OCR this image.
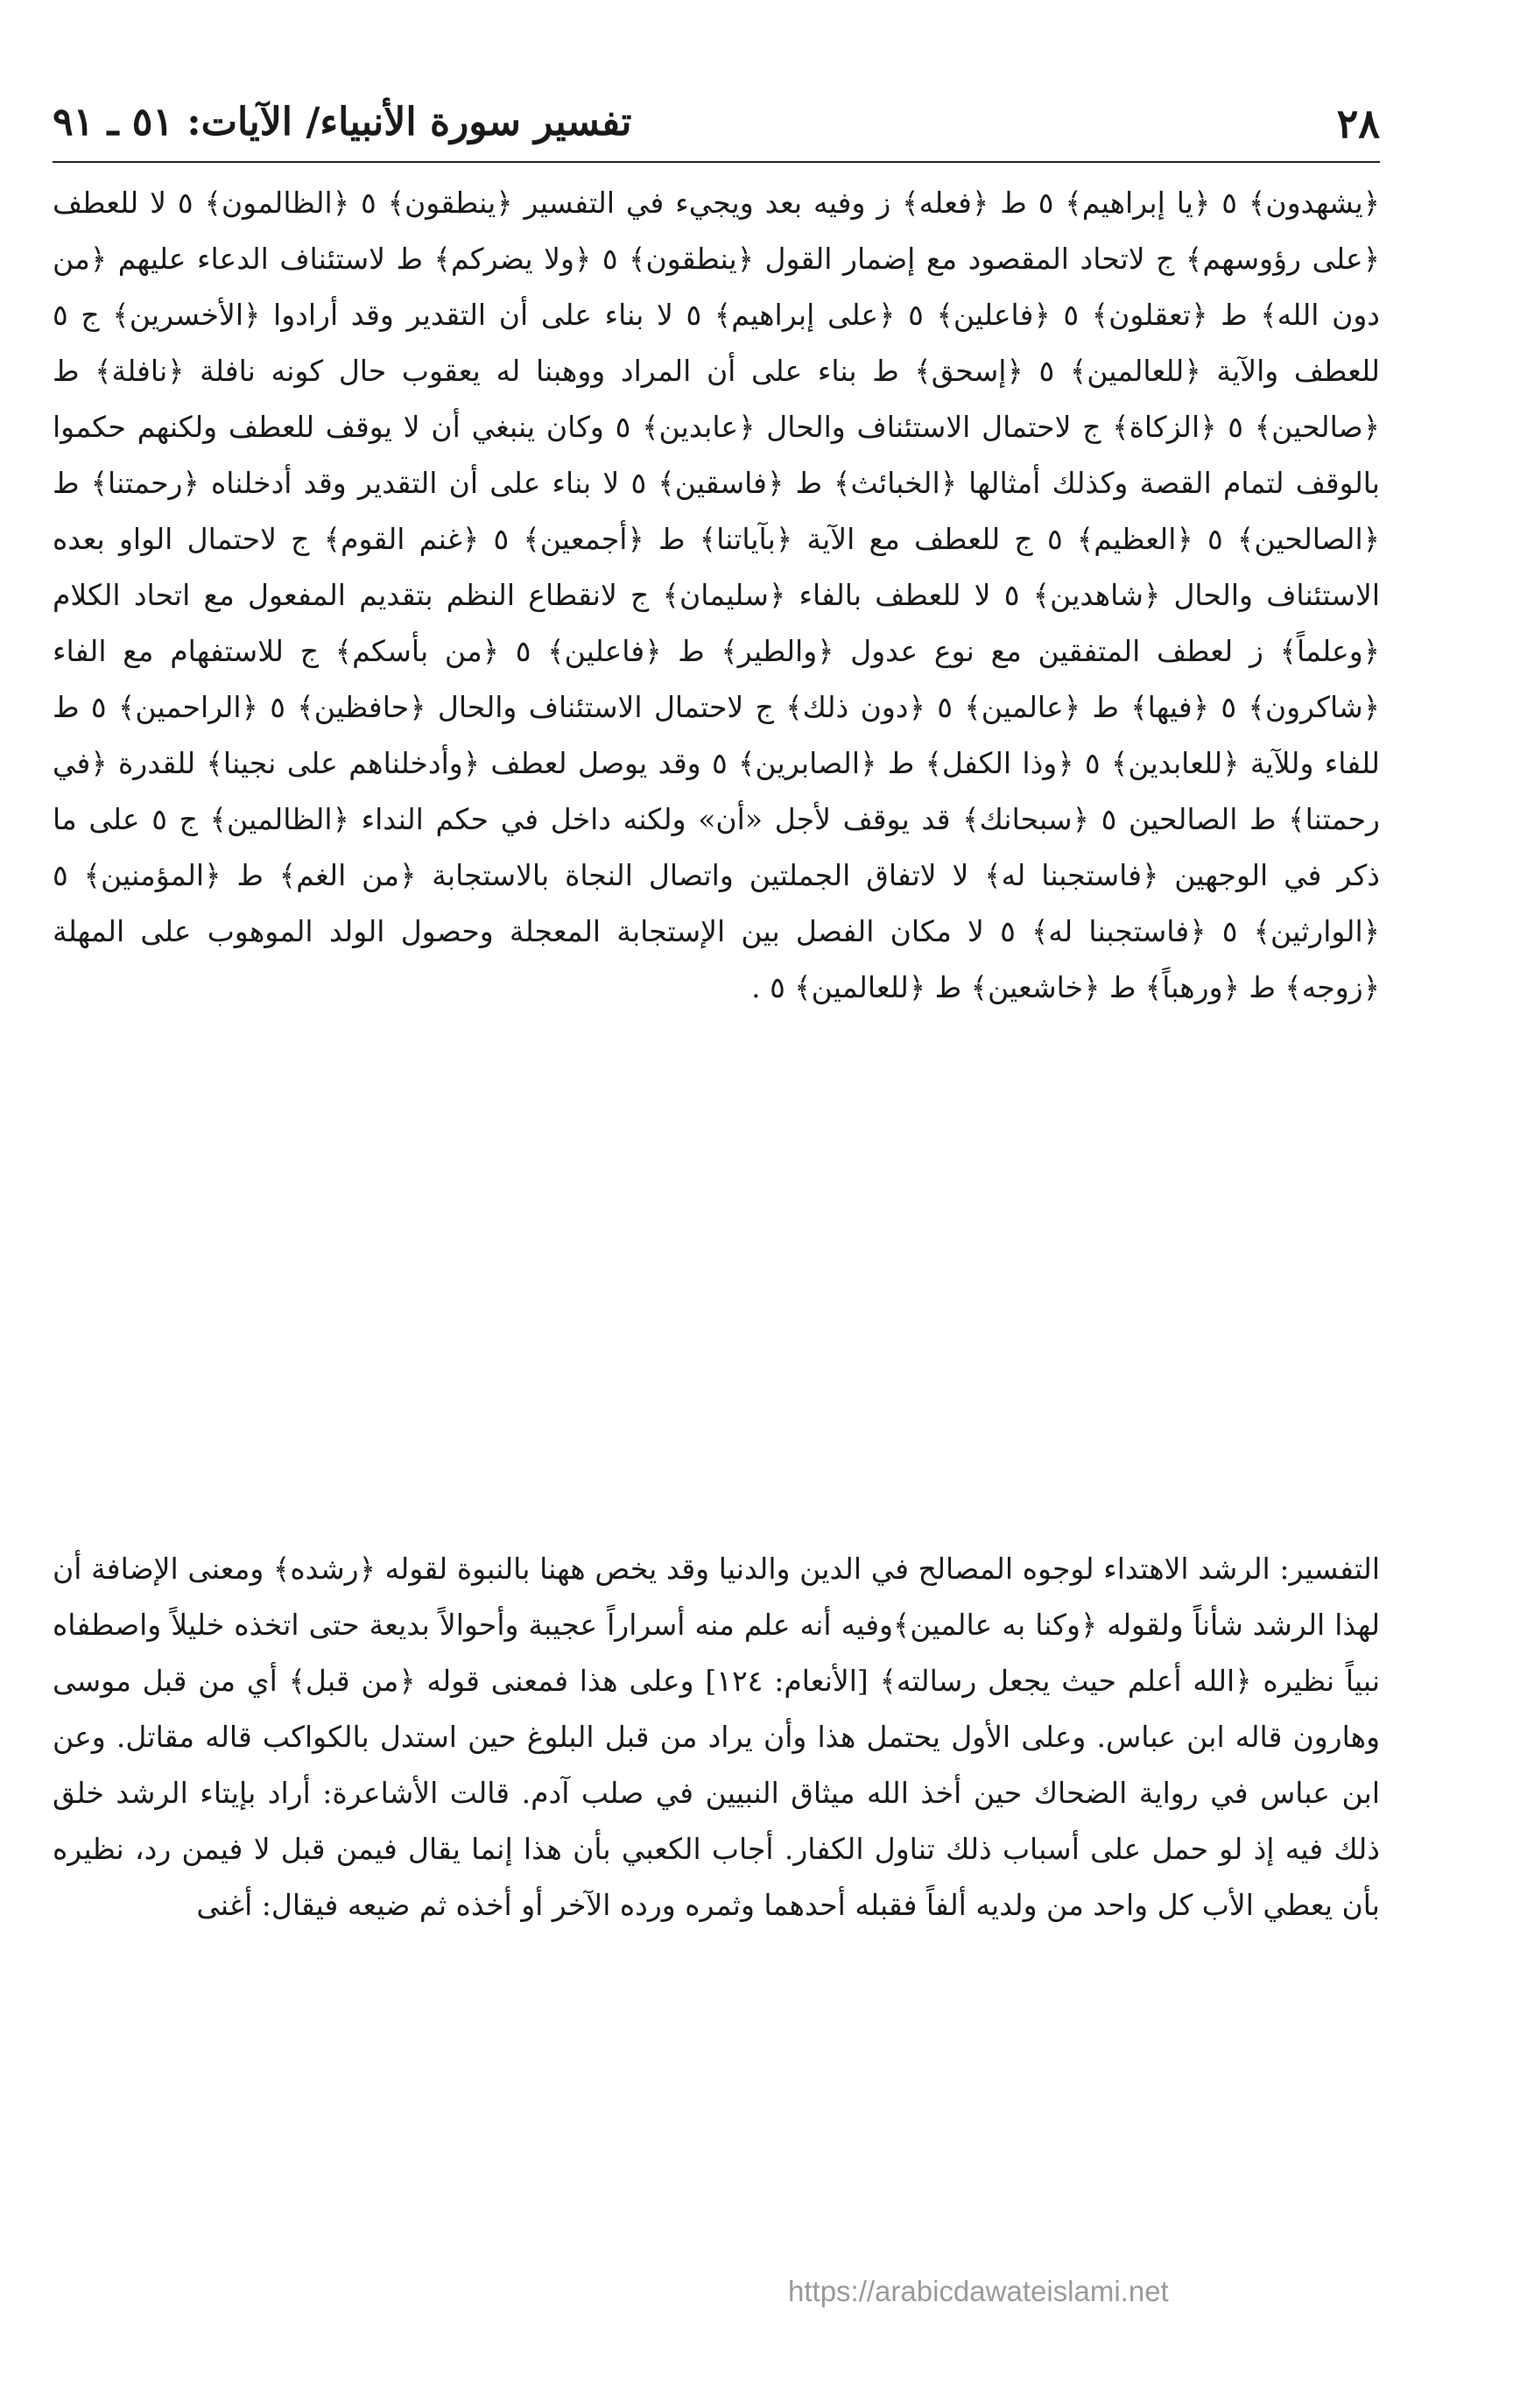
٢٨
تفسير سورة الأنبياء/ الآيات: ٥١ ـ ٩١

﴿يشهدون﴾ ٥ ﴿يا إبراهيم﴾ ٥ ط ﴿فعله﴾ ز وفيه بعد ويجيء في التفسير ﴿ينطقون﴾ ٥ ﴿الظالمون﴾ ٥ لا للعطف ﴿على رؤوسهم﴾ ج لاتحاد المقصود مع إضمار القول ﴿ينطقون﴾ ٥ ﴿ولا يضركم﴾ ط لاستئناف الدعاء عليهم ﴿من دون الله﴾ ط ﴿تعقلون﴾ ٥ ﴿فاعلين﴾ ٥ ﴿على إبراهيم﴾ ٥ لا بناء على أن التقدير وقد أرادوا ﴿الأخسرين﴾ ج ٥ للعطف والآية ﴿للعالمين﴾ ٥ ﴿إسحق﴾ ط بناء على أن المراد ووهبنا له يعقوب حال كونه نافلة ﴿نافلة﴾ ط ﴿صالحين﴾ ٥ ﴿الزكاة﴾ ج لاحتمال الاستئناف والحال ﴿عابدين﴾ ٥ وكان ينبغي أن لا يوقف للعطف ولكنهم حكموا بالوقف لتمام القصة وكذلك أمثالها ﴿الخبائث﴾ ط ﴿فاسقين﴾ ٥ لا بناء على أن التقدير وقد أدخلناه ﴿رحمتنا﴾ ط ﴿الصالحين﴾ ٥ ﴿العظيم﴾ ٥ ج للعطف مع الآية ﴿بآياتنا﴾ ط ﴿أجمعين﴾ ٥ ﴿غنم القوم﴾ ج لاحتمال الواو بعده الاستئناف والحال ﴿شاهدين﴾ ٥ لا للعطف بالفاء ﴿سليمان﴾ ج لانقطاع النظم بتقديم المفعول مع اتحاد الكلام ﴿وعلماً﴾ ز لعطف المتفقين مع نوع عدول ﴿والطير﴾ ط ﴿فاعلين﴾ ٥ ﴿من بأسكم﴾ ج للاستفهام مع الفاء ﴿شاكرون﴾ ٥ ﴿فيها﴾ ط ﴿عالمين﴾ ٥ ﴿دون ذلك﴾ ج لاحتمال الاستئناف والحال ﴿حافظين﴾ ٥ ﴿الراحمين﴾ ٥ ط للفاء وللآية ﴿للعابدين﴾ ٥ ﴿وذا الكفل﴾ ط ﴿الصابرين﴾ ٥ وقد يوصل لعطف ﴿وأدخلناهم على نجينا﴾ للقدرة ﴿في رحمتنا﴾ ط الصالحين ٥ ﴿سبحانك﴾ قد يوقف لأجل «أن» ولكنه داخل في حكم النداء ﴿الظالمين﴾ ج ٥ على ما ذكر في الوجهين ﴿فاستجبنا له﴾ لا لاتفاق الجملتين واتصال النجاة بالاستجابة ﴿من الغم﴾ ط ﴿المؤمنين﴾ ٥ ﴿الوارثين﴾ ٥ ﴿فاستجبنا له﴾ ٥ لا مكان الفصل بين الإستجابة المعجلة وحصول الولد الموهوب على المهلة ﴿زوجه﴾ ط ﴿ورهباً﴾ ط ﴿خاشعين﴾ ط ﴿للعالمين﴾ ٥ .

التفسير: الرشد الاهتداء لوجوه المصالح في الدين والدنيا وقد يخص ههنا بالنبوة لقوله ﴿رشده﴾ ومعنى الإضافة أن لهذا الرشد شأناً ولقوله ﴿وكنا به عالمين﴾وفيه أنه علم منه أسراراً عجيبة وأحوالاً بديعة حتى اتخذه خليلاً واصطفاه نبياً نظيره ﴿الله أعلم حيث يجعل رسالته﴾ [الأنعام: ١٢٤] وعلى هذا فمعنى قوله ﴿من قبل﴾ أي من قبل موسى وهارون قاله ابن عباس. وعلى الأول يحتمل هذا وأن يراد من قبل البلوغ حين استدل بالكواكب قاله مقاتل. وعن ابن عباس في رواية الضحاك حين أخذ الله ميثاق النبيين في صلب آدم. قالت الأشاعرة: أراد بإيتاء الرشد خلق ذلك فيه إذ لو حمل على أسباب ذلك تناول الكفار. أجاب الكعبي بأن هذا إنما يقال فيمن قبل لا فيمن رد، نظيره بأن يعطي الأب كل واحد من ولديه ألفاً فقبله أحدهما وثمره ورده الآخر أو أخذه ثم ضيعه فيقال: أغنى

https://arabicdawateislami.net
